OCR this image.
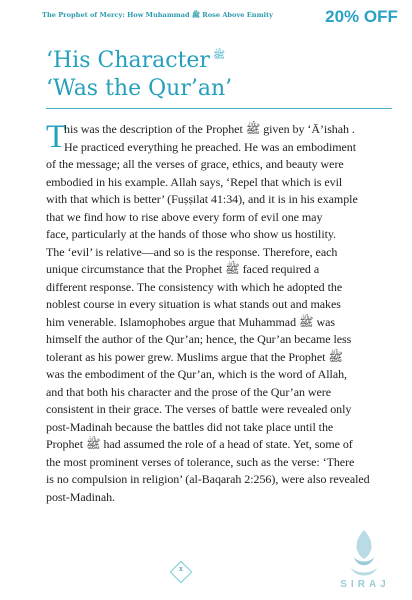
The Prophet of Mercy: How Muhammad ﷺ Rose Above Enmity	20% OFF
‘His Character $^ﷺ$
‘Was the Qur’an’
T

his was the description of the Prophet ﷺ given by ‘Ā’ishah .
He practiced everything he preached. He was an embodiment
of the message; all the verses of grace, ethics, and beauty were
embodied in his example. Allah says, ‘Repel that which is evil
with that which is better’ (Fuṣṣilat 41:34), and it is in his example
that we find how to rise above every form of evil one may
face, particularly at the hands of those who show us hostility.
The ‘evil’ is relative—and so is the response. Therefore, each
unique circumstance that the Prophet ﷺ faced required a
different response. The consistency with which he adopted the
noblest course in every situation is what stands out and makes
him venerable. Islamophobes argue that Muhammad ﷺ was
himself the author of the Qur’an; hence, the Qur’an became less
tolerant as his power grew. Muslims argue that the Prophet ﷺ
was the embodiment of the Qur’an, which is the word of Allah,
and that both his character and the prose of the Qur’an were
consistent in their grace. The verses of battle were revealed only
post-Madinah because the battles did not take place until the
Prophet ﷺ had assumed the role of a head of state. Yet, some of
the most prominent verses of tolerance, such as the verse: ‘There
is no compulsion in religion’ (al-Baqarah 2:256), were also revealed
post-Madinah.

x
SIRAJ
